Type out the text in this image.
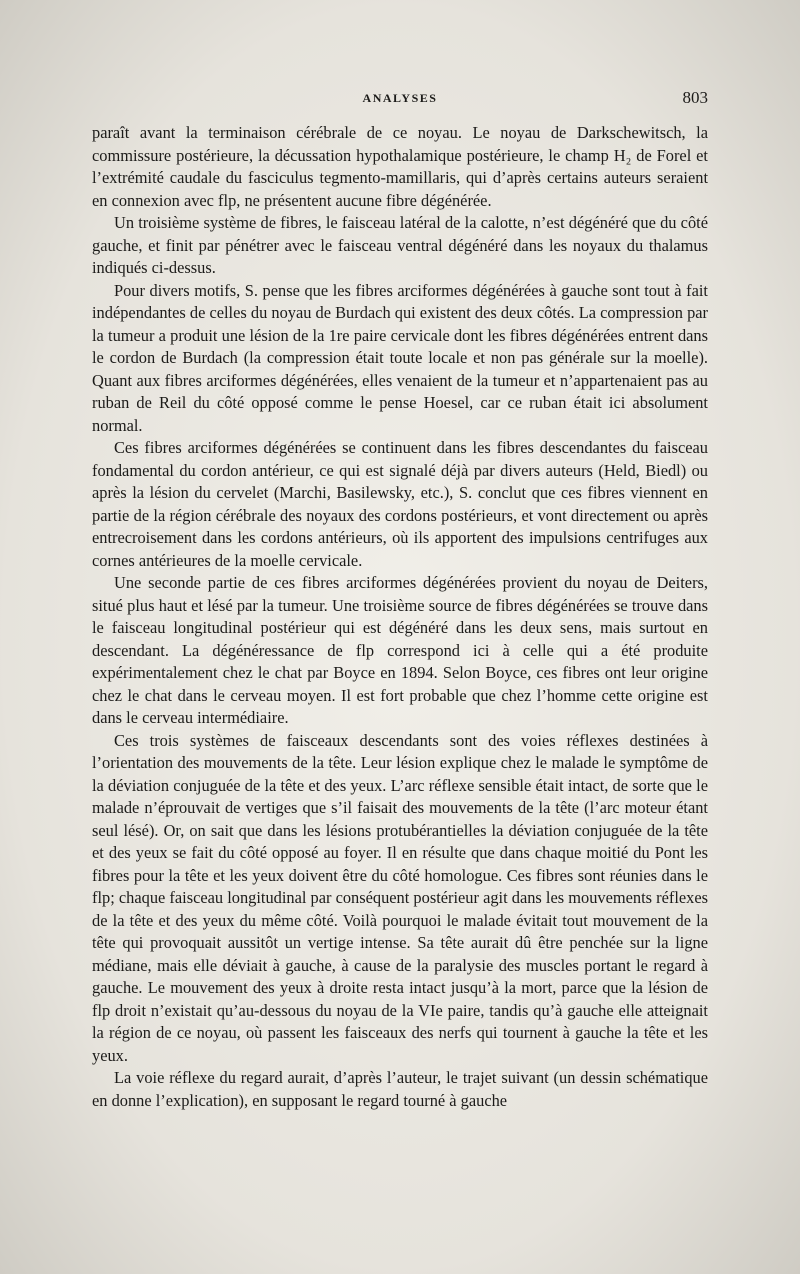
ANALYSES	803

paraît avant la terminaison cérébrale de ce noyau. Le noyau de Darkschewitsch, la commissure postérieure, la décussation hypothalamique postérieure, le champ H₂ de Forel et l’extrémité caudale du fasciculus tegmento-mamillaris, qui d’après certains auteurs seraient en connexion avec flp, ne présentent aucune fibre dégénérée.

Un troisième système de fibres, le faisceau latéral de la calotte, n’est dégénéré que du côté gauche, et finit par pénétrer avec le faisceau ventral dégénéré dans les noyaux du thalamus indiqués ci-dessus.

Pour divers motifs, S. pense que les fibres arciformes dégénérées à gauche sont tout à fait indépendantes de celles du noyau de Burdach qui existent des deux côtés. La compression par la tumeur a produit une lésion de la 1re paire cervicale dont les fibres dégénérées entrent dans le cordon de Burdach (la compression était toute locale et non pas générale sur la moelle). Quant aux fibres arciformes dégénérées, elles venaient de la tumeur et n’appartenaient pas au ruban de Reil du côté opposé comme le pense Hoesel, car ce ruban était ici absolument normal.

Ces fibres arciformes dégénérées se continuent dans les fibres descendantes du faisceau fondamental du cordon antérieur, ce qui est signalé déjà par divers auteurs (Held, Biedl) ou après la lésion du cervelet (Marchi, Basilewsky, etc.), S. conclut que ces fibres viennent en partie de la région cérébrale des noyaux des cordons postérieurs, et vont directement ou après entrecroisement dans les cordons antérieurs, où ils apportent des impulsions centrifuges aux cornes antérieures de la moelle cervicale.

Une seconde partie de ces fibres arciformes dégénérées provient du noyau de Deiters, situé plus haut et lésé par la tumeur. Une troisième source de fibres dégénérées se trouve dans le faisceau longitudinal postérieur qui est dégénéré dans les deux sens, mais surtout en descendant. La dégénéressance de flp correspond ici à celle qui a été produite expérimentalement chez le chat par Boyce en 1894. Selon Boyce, ces fibres ont leur origine chez le chat dans le cerveau moyen. Il est fort probable que chez l’homme cette origine est dans le cerveau intermédiaire.

Ces trois systèmes de faisceaux descendants sont des voies réflexes destinées à l’orientation des mouvements de la tête. Leur lésion explique chez le malade le symptôme de la déviation conjuguée de la tête et des yeux. L’arc réflexe sensible était intact, de sorte que le malade n’éprouvait de vertiges que s’il faisait des mouvements de la tête (l’arc moteur étant seul lésé). Or, on sait que dans les lésions protubérantielles la déviation conjuguée de la tête et des yeux se fait du côté opposé au foyer. Il en résulte que dans chaque moitié du Pont les fibres pour la tête et les yeux doivent être du côté homologue. Ces fibres sont réunies dans le flp; chaque faisceau longitudinal par conséquent postérieur agit dans les mouvements réflexes de la tête et des yeux du même côté. Voilà pourquoi le malade évitait tout mouvement de la tête qui provoquait aussitôt un vertige intense. Sa tête aurait dû être penchée sur la ligne médiane, mais elle déviait à gauche, à cause de la paralysie des muscles portant le regard à gauche. Le mouvement des yeux à droite resta intact jusqu’à la mort, parce que la lésion de flp droit n’existait qu’au-dessous du noyau de la VIe paire, tandis qu’à gauche elle atteignait la région de ce noyau, où passent les faisceaux des nerfs qui tournent à gauche la tête et les yeux.

La voie réflexe du regard aurait, d’après l’auteur, le trajet suivant (un dessin schématique en donne l’explication), en supposant le regard tourné à gauche
